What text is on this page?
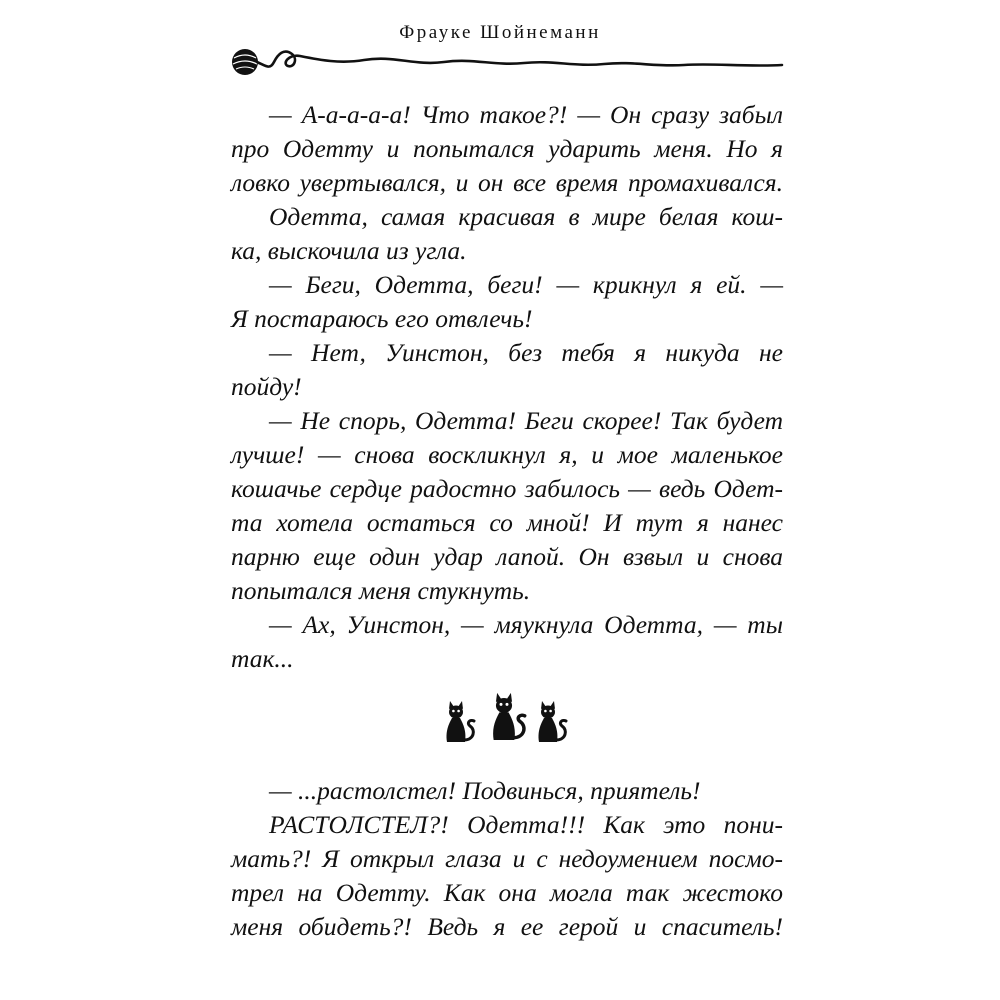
Фрауке Шойнеманн
— А-а-а-а-а! Что такое?! — Он сразу забыл
про Одетту и попытался ударить меня. Но я
ловко увертывался, и он все время промахивался.
Одетта, самая красивая в мире белая кош-
ка, выскочила из угла.
— Беги, Одетта, беги! — крикнул я ей. —
Я постараюсь его отвлечь!
— Нет, Уинстон, без тебя я никуда не
пойду!
— Не спорь, Одетта! Беги скорее! Так будет
лучше! — снова воскликнул я, и мое маленькое
кошачье сердце радостно забилось — ведь Одет-
та хотела остаться со мной! И тут я нанес
парню еще один удар лапой. Он взвыл и снова
попытался меня стукнуть.
— Ах, Уинстон, — мяукнула Одетта, — ты
так...
— ...растолстел! Подвинься, приятель!
РАСТОЛСТЕЛ?! Одетта!!! Как это пони-
мать?! Я открыл глаза и с недоумением посмо-
трел на Одетту. Как она могла так жестоко
меня обидеть?! Ведь я ее герой и спаситель!
